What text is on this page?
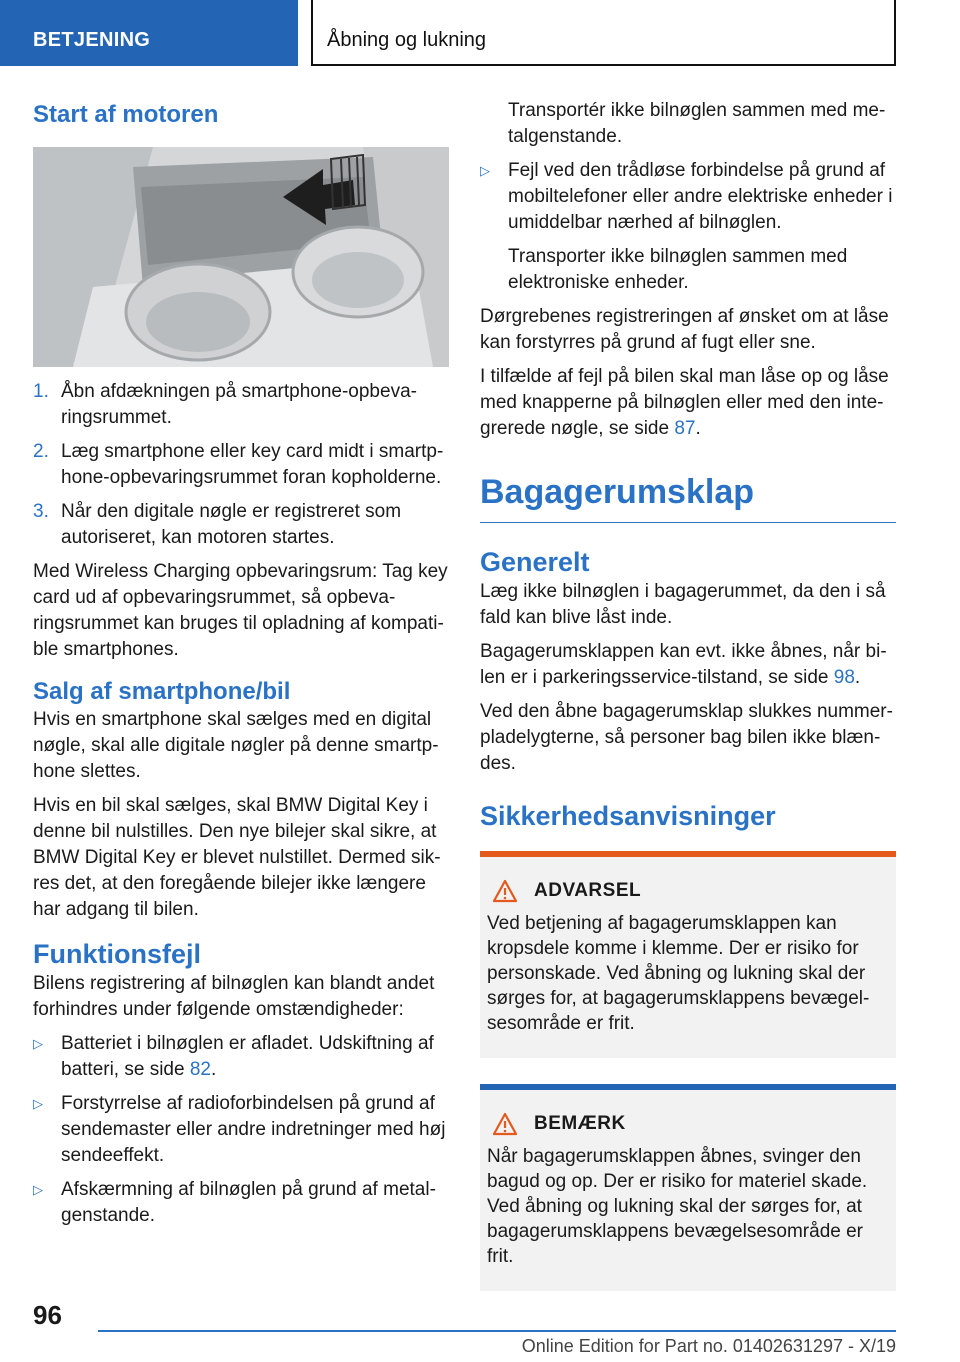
BETJENING	Åbning og lukning
Start af motoren
1. Åbn afdækningen på smartphone-opbevaringsrummet.
2. Læg smartphone eller key card midt i smartphone-opbevaringsrummet foran kopholderne.
3. Når den digitale nøgle er registreret som autoriseret, kan motoren startes.

Med Wireless Charging opbevaringsrum: Tag key card ud af opbevaringsrummet, så opbevaringsrummet kan bruges til opladning af kompatible smartphones.

Salg af smartphone/bil

Hvis en smartphone skal sælges med en digital nøgle, skal alle digitale nøgler på denne smartphone slettes.

Hvis en bil skal sælges, skal BMW Digital Key i denne bil nulstilles. Den nye bilejer skal sikre, at BMW Digital Key er blevet nulstillet. Dermed sikres det, at den foregående bilejer ikke længere har adgang til bilen.

Funktionsfejl

Bilens registrering af bilnøglen kan blandt andet forhindres under følgende omstændigheder:

▷ Batteriet i bilnøglen er afladet. Udskiftning af batteri, se side 82.
▷ Forstyrrelse af radioforbindelsen på grund af sendemaster eller andre indretninger med høj sendeeffekt.
▷ Afskærmning af bilnøglen på grund af metalgenstande.
Transportér ikke bilnøglen sammen med metalgenstande.
▷ Fejl ved den trådløse forbindelse på grund af mobiltelefoner eller andre elektriske enheder i umiddelbar nærhed af bilnøglen.
Transporter ikke bilnøglen sammen med elektroniske enheder.

Dørgrebenes registreringen af ønsket om at låse kan forstyrres på grund af fugt eller sne.

I tilfælde af fejl på bilen skal man låse op og låse med knapperne på bilnøglen eller med den integrerede nøgle, se side 87.

Bagagerumsklap
Generelt

Læg ikke bilnøglen i bagagerummet, da den i så fald kan blive låst inde.

Bagagerumsklappen kan evt. ikke åbnes, når bilen er i parkeringsservice-tilstand, se side 98.

Ved den åbne bagagerumsklap slukkes nummerpladelygterne, så personer bag bilen ikke blændes.

Sikkerhedsanvisninger
ADVARSEL

Ved betjening af bagagerumsklappen kan kropsdele komme i klemme. Der er risiko for personskade. Ved åbning og lukning skal der sørges for, at bagagerumsklappens bevægelsesområde er frit.

BEMÆRK

Når bagagerumsklappen åbnes, svinger den bagud og op. Der er risiko for materiel skade. Ved åbning og lukning skal der sørges for, at bagagerumsklappens bevægelsesområde er frit.

96
Online Edition for Part no. 01402631297 - X/19
